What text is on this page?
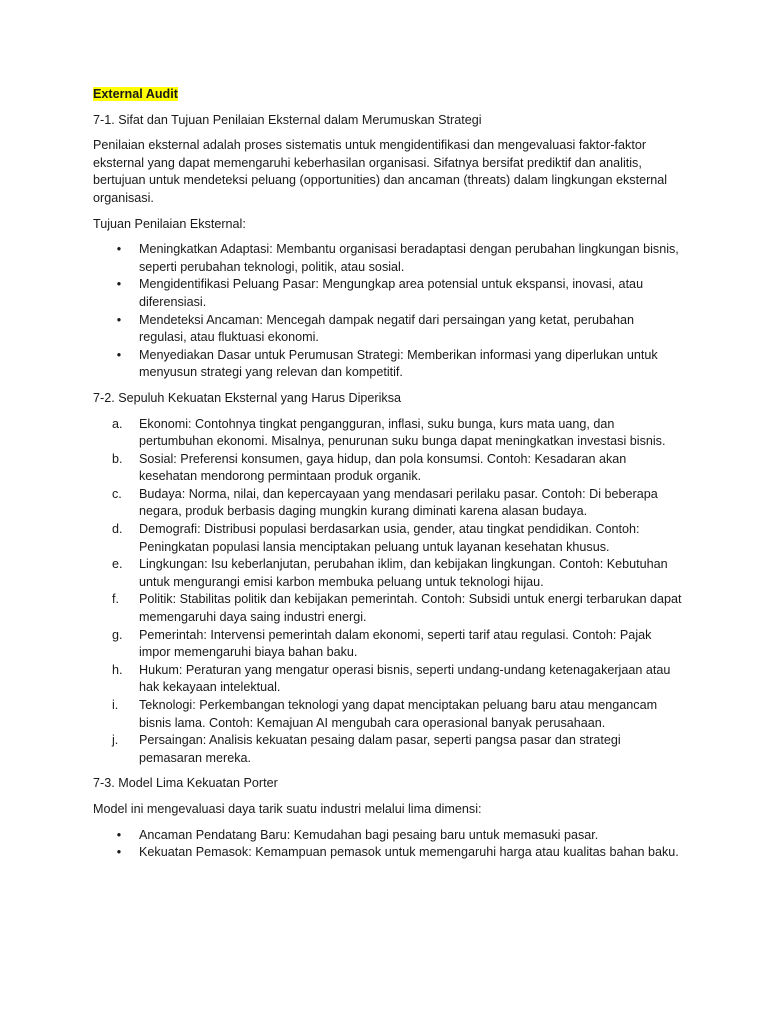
External Audit

7-1. Sifat dan Tujuan Penilaian Eksternal dalam Merumuskan Strategi

Penilaian eksternal adalah proses sistematis untuk mengidentifikasi dan mengevaluasi faktor-faktor eksternal yang dapat memengaruhi keberhasilan organisasi. Sifatnya bersifat prediktif dan analitis, bertujuan untuk mendeteksi peluang (opportunities) dan ancaman (threats) dalam lingkungan eksternal organisasi.

Tujuan Penilaian Eksternal:

• Meningkatkan Adaptasi: Membantu organisasi beradaptasi dengan perubahan lingkungan bisnis, seperti perubahan teknologi, politik, atau sosial.
• Mengidentifikasi Peluang Pasar: Mengungkap area potensial untuk ekspansi, inovasi, atau diferensiasi.
• Mendeteksi Ancaman: Mencegah dampak negatif dari persaingan yang ketat, perubahan regulasi, atau fluktuasi ekonomi.
• Menyediakan Dasar untuk Perumusan Strategi: Memberikan informasi yang diperlukan untuk menyusun strategi yang relevan dan kompetitif.

7-2. Sepuluh Kekuatan Eksternal yang Harus Diperiksa

a.	Ekonomi: Contohnya tingkat pengangguran, inflasi, suku bunga, kurs mata uang, dan pertumbuhan ekonomi. Misalnya, penurunan suku bunga dapat meningkatkan investasi bisnis.
b.	Sosial: Preferensi konsumen, gaya hidup, dan pola konsumsi. Contoh: Kesadaran akan kesehatan mendorong permintaan produk organik.
c.	Budaya: Norma, nilai, dan kepercayaan yang mendasari perilaku pasar. Contoh: Di beberapa negara, produk berbasis daging mungkin kurang diminati karena alasan budaya.
d.	Demografi: Distribusi populasi berdasarkan usia, gender, atau tingkat pendidikan. Contoh: Peningkatan populasi lansia menciptakan peluang untuk layanan kesehatan khusus.
e.	Lingkungan: Isu keberlanjutan, perubahan iklim, dan kebijakan lingkungan. Contoh: Kebutuhan untuk mengurangi emisi karbon membuka peluang untuk teknologi hijau.
f.	Politik: Stabilitas politik dan kebijakan pemerintah. Contoh: Subsidi untuk energi terbarukan dapat memengaruhi daya saing industri energi.
g.	Pemerintah: Intervensi pemerintah dalam ekonomi, seperti tarif atau regulasi. Contoh: Pajak impor memengaruhi biaya bahan baku.
h.	Hukum: Peraturan yang mengatur operasi bisnis, seperti undang-undang ketenagakerjaan atau hak kekayaan intelektual.
i.	Teknologi: Perkembangan teknologi yang dapat menciptakan peluang baru atau mengancam bisnis lama. Contoh: Kemajuan AI mengubah cara operasional banyak perusahaan.
j.	Persaingan: Analisis kekuatan pesaing dalam pasar, seperti pangsa pasar dan strategi pemasaran mereka.

7-3. Model Lima Kekuatan Porter

Model ini mengevaluasi daya tarik suatu industri melalui lima dimensi:

• Ancaman Pendatang Baru: Kemudahan bagi pesaing baru untuk memasuki pasar.
• Kekuatan Pemasok: Kemampuan pemasok untuk memengaruhi harga atau kualitas bahan baku.
